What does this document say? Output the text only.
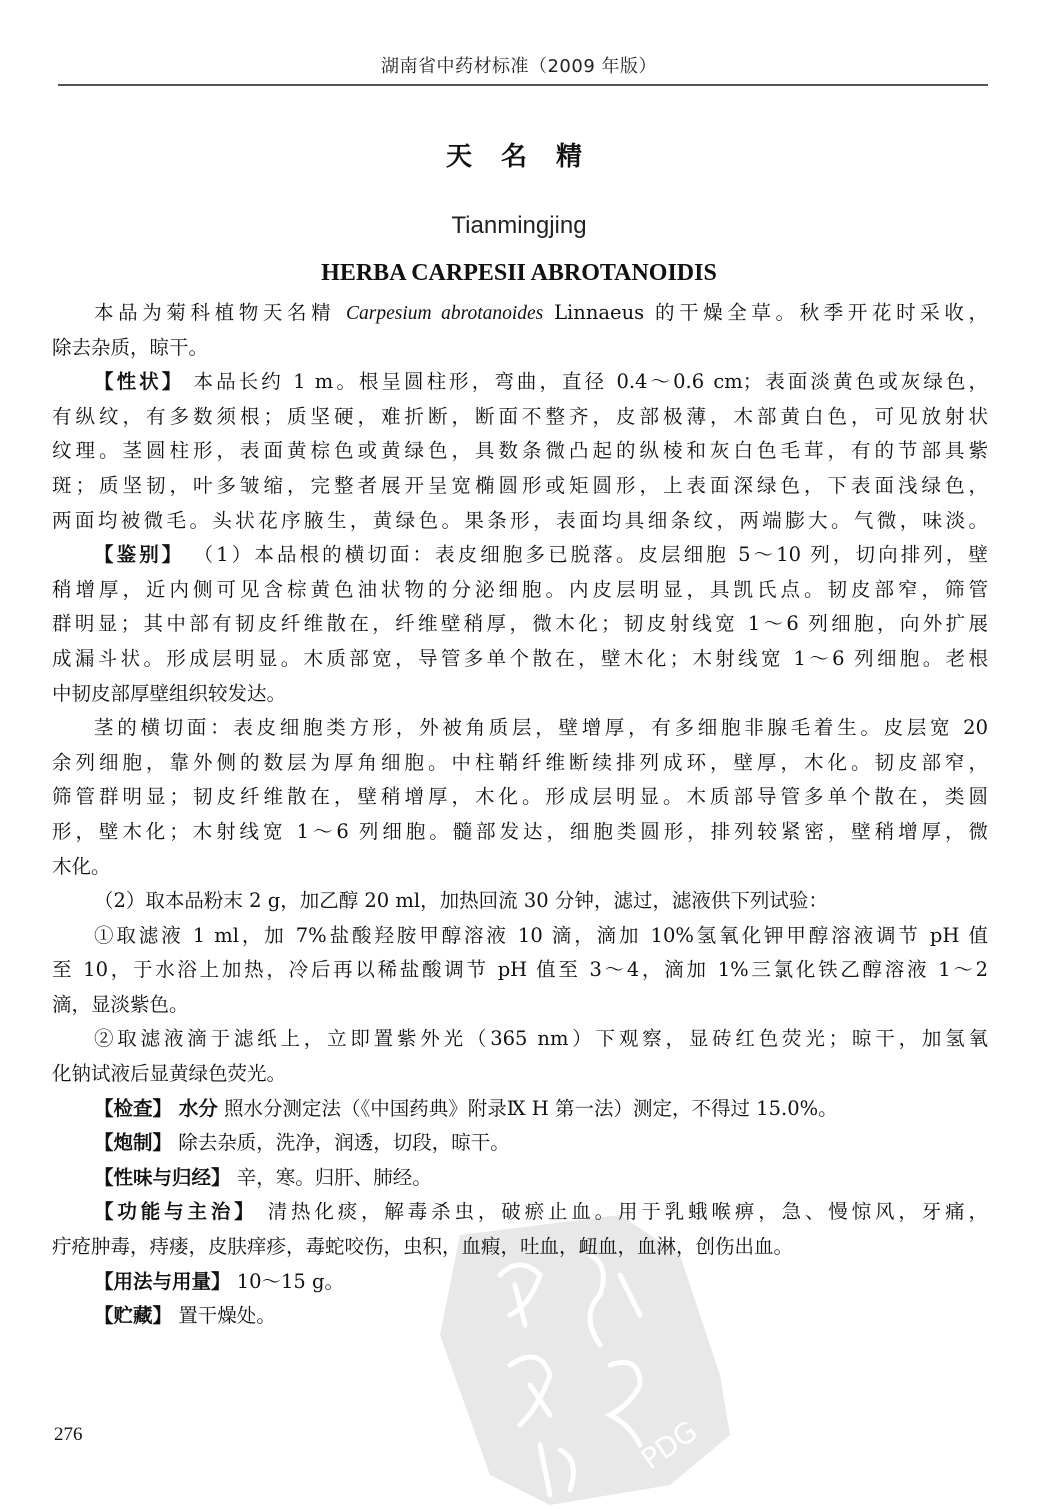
湖南省中药材标准（2009 年版）
PDG
天 名 精
Tianmingjing
HERBA CARPESII ABROTANOIDIS
本品为菊科植物天名精 Carpesium abrotanoides Linnaeus 的干燥全草。秋季开花时采收，
除去杂质，晾干。
【性状】 本品长约 1 m。根呈圆柱形，弯曲，直径 0.4～0.6 cm；表面淡黄色或灰绿色，
有纵纹，有多数须根；质坚硬，难折断，断面不整齐，皮部极薄，木部黄白色，可见放射状
纹理。茎圆柱形，表面黄棕色或黄绿色，具数条微凸起的纵棱和灰白色毛茸，有的节部具紫
斑；质坚韧，叶多皱缩，完整者展开呈宽椭圆形或矩圆形，上表面深绿色，下表面浅绿色，
两面均被微毛。头状花序腋生，黄绿色。果条形，表面均具细条纹，两端膨大。气微，味淡。
【鉴别】 （1）本品根的横切面：表皮细胞多已脱落。皮层细胞 5～10 列，切向排列，壁
稍增厚，近内侧可见含棕黄色油状物的分泌细胞。内皮层明显，具凯氏点。韧皮部窄，筛管
群明显；其中部有韧皮纤维散在，纤维壁稍厚，微木化；韧皮射线宽 1～6 列细胞，向外扩展
成漏斗状。形成层明显。木质部宽，导管多单个散在，壁木化；木射线宽 1～6 列细胞。老根
中韧皮部厚壁组织较发达。
茎的横切面：表皮细胞类方形，外被角质层，壁增厚，有多细胞非腺毛着生。皮层宽 20
余列细胞，靠外侧的数层为厚角细胞。中柱鞘纤维断续排列成环，壁厚，木化。韧皮部窄，
筛管群明显；韧皮纤维散在，壁稍增厚，木化。形成层明显。木质部导管多单个散在，类圆
形，壁木化；木射线宽 1～6 列细胞。髓部发达，细胞类圆形，排列较紧密，壁稍增厚，微
木化。
（2）取本品粉末 2 g，加乙醇 20 ml，加热回流 30 分钟，滤过，滤液供下列试验：
①取滤液 1 ml，加 7%盐酸羟胺甲醇溶液 10 滴，滴加 10%氢氧化钾甲醇溶液调节 pH 值
至 10，于水浴上加热，冷后再以稀盐酸调节 pH 值至 3～4，滴加 1%三氯化铁乙醇溶液 1～2
滴，显淡紫色。
②取滤液滴于滤纸上，立即置紫外光（365 nm）下观察，显砖红色荧光；晾干，加氢氧
化钠试液后显黄绿色荧光。
【检查】 水分 照水分测定法（《中国药典》附录Ⅸ H 第一法）测定，不得过 15.0%。
【炮制】 除去杂质，洗净，润透，切段，晾干。
【性味与归经】 辛，寒。归肝、肺经。
【功能与主治】 清热化痰，解毒杀虫，破瘀止血。用于乳蛾喉痹，急、慢惊风，牙痛，
疔疮肿毒，痔瘘，皮肤痒疹，毒蛇咬伤，虫积，血瘕，吐血，衄血，血淋，创伤出血。
【用法与用量】 10～15 g。
【贮藏】 置干燥处。
276
